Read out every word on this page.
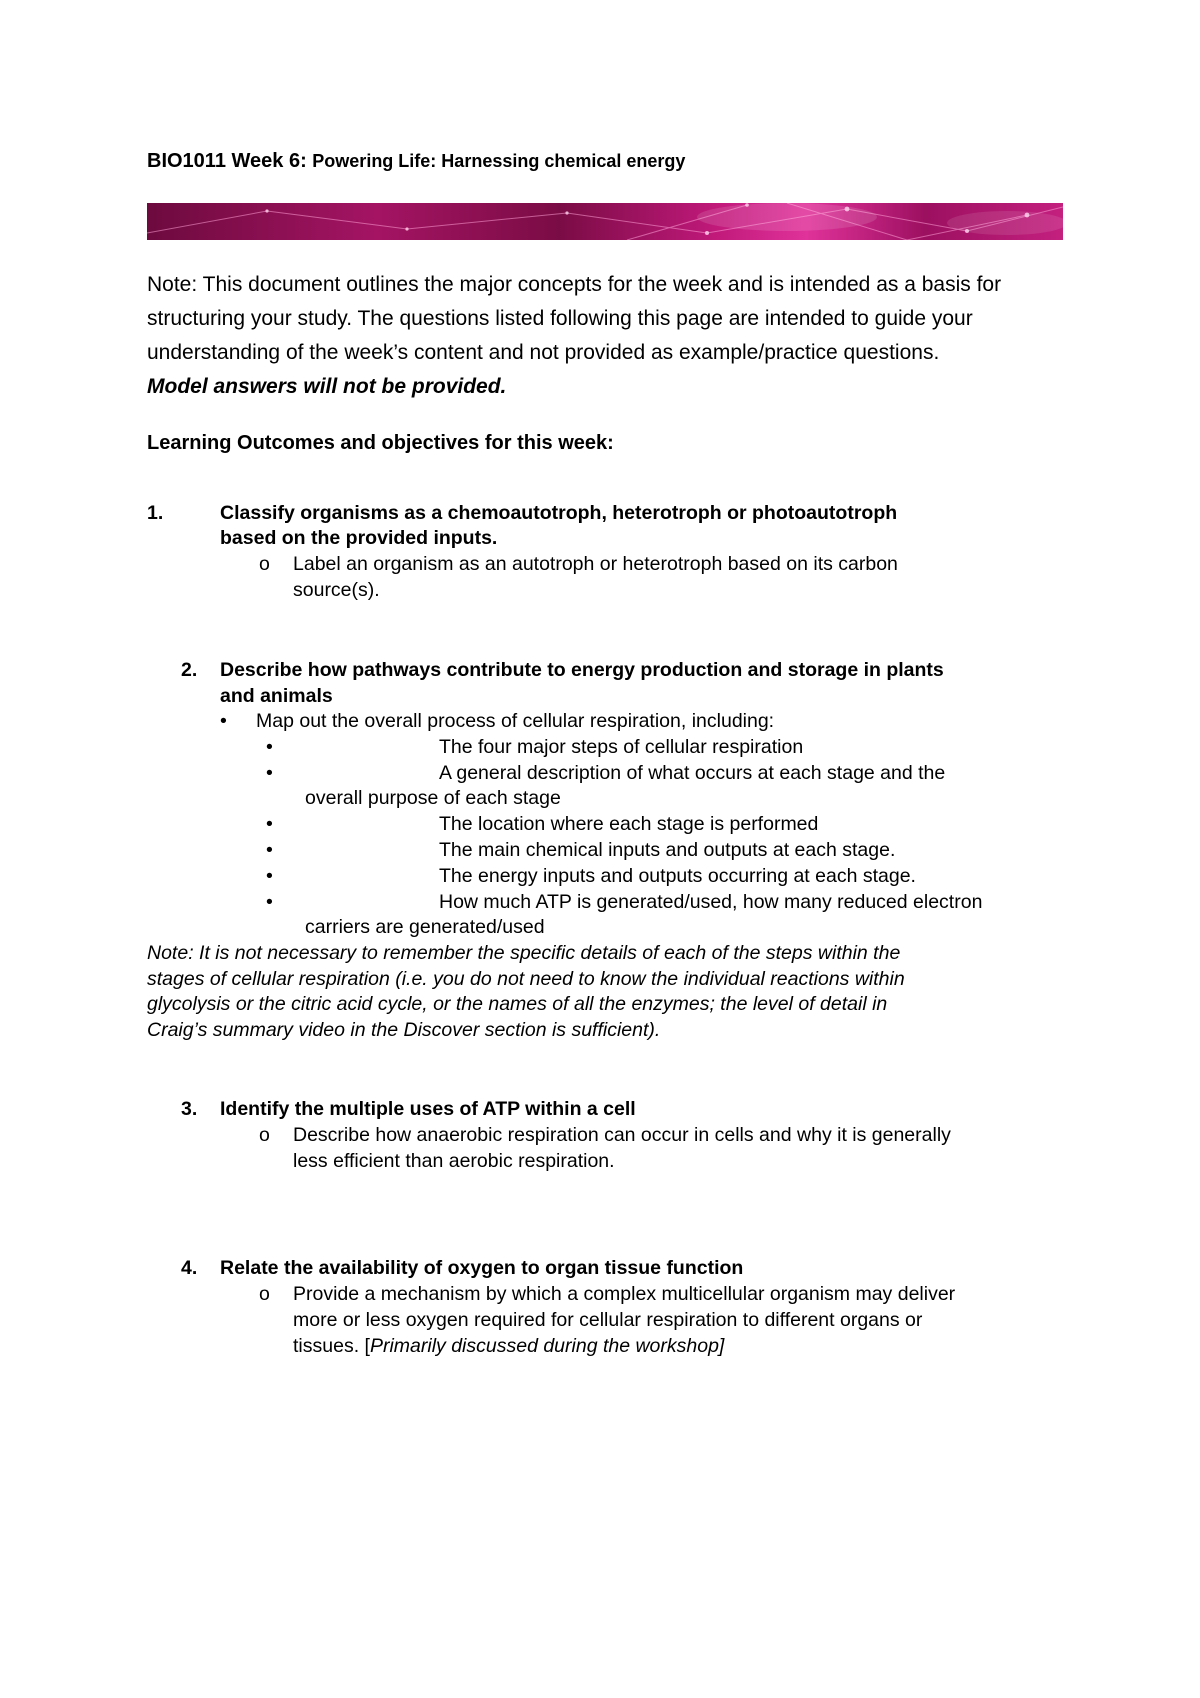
BIO1011 Week 6: Powering Life: Harnessing chemical energy

Note: This document outlines the major concepts for the week and is intended as a basis for structuring your study. The questions listed following this page are intended to guide your understanding of the week’s content and not provided as example/practice questions.
Model answers will not be provided.

Learning Outcomes and objectives for this week:
1.	Classify organisms as a chemoautotroph, heterotroph or photoautotroph
based on the provided inputs.
o Label an organism as an autotroph or heterotroph based on its carbon
source(s).
2. Describe how pathways contribute to energy production and storage in plants
and animals
• Map out the overall process of cellular respiration, including:
•	The four major steps of cellular respiration
•	A general description of what occurs at each stage and the
overall purpose of each stage
•	The location where each stage is performed
•	The main chemical inputs and outputs at each stage.
•	The energy inputs and outputs occurring at each stage.
•	How much ATP is generated/used, how many reduced electron
carriers are generated/used
Note: It is not necessary to remember the specific details of each of the steps within the
stages of cellular respiration (i.e. you do not need to know the individual reactions within
glycolysis or the citric acid cycle, or the names of all the enzymes; the level of detail in
Craig’s summary video in the Discover section is sufficient).
3. Identify the multiple uses of ATP within a cell
o Describe how anaerobic respiration can occur in cells and why it is generally
less efficient than aerobic respiration.
4. Relate the availability of oxygen to organ tissue function
o Provide a mechanism by which a complex multicellular organism may deliver
more or less oxygen required for cellular respiration to different organs or
tissues. [Primarily discussed during the workshop]
